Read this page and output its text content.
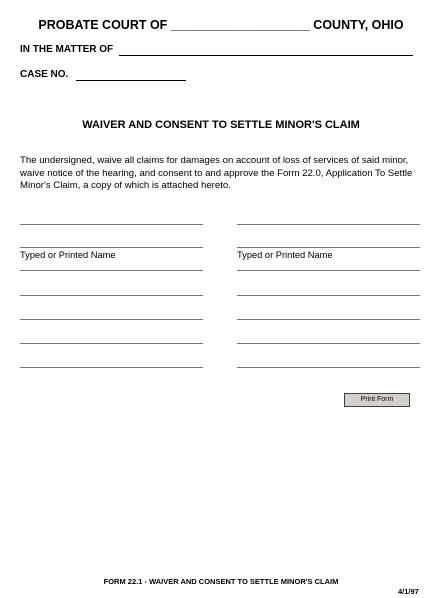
PROBATE COURT OF ____________________ COUNTY, OHIO
IN THE MATTER OF
CASE NO.
WAIVER AND CONSENT TO SETTLE MINOR'S CLAIM
The undersigned, waive all claims for damages on account of loss of services of said minor, waive notice of the hearing, and consent to and approve the Form 22.0, Application To Settle Minor's Claim, a copy of which is attached hereto.
Typed or Printed Name	Typed or Printed Name
Print Form
FORM 22.1 - WAIVER AND CONSENT TO SETTLE MINOR'S CLAIM
4/1/97
